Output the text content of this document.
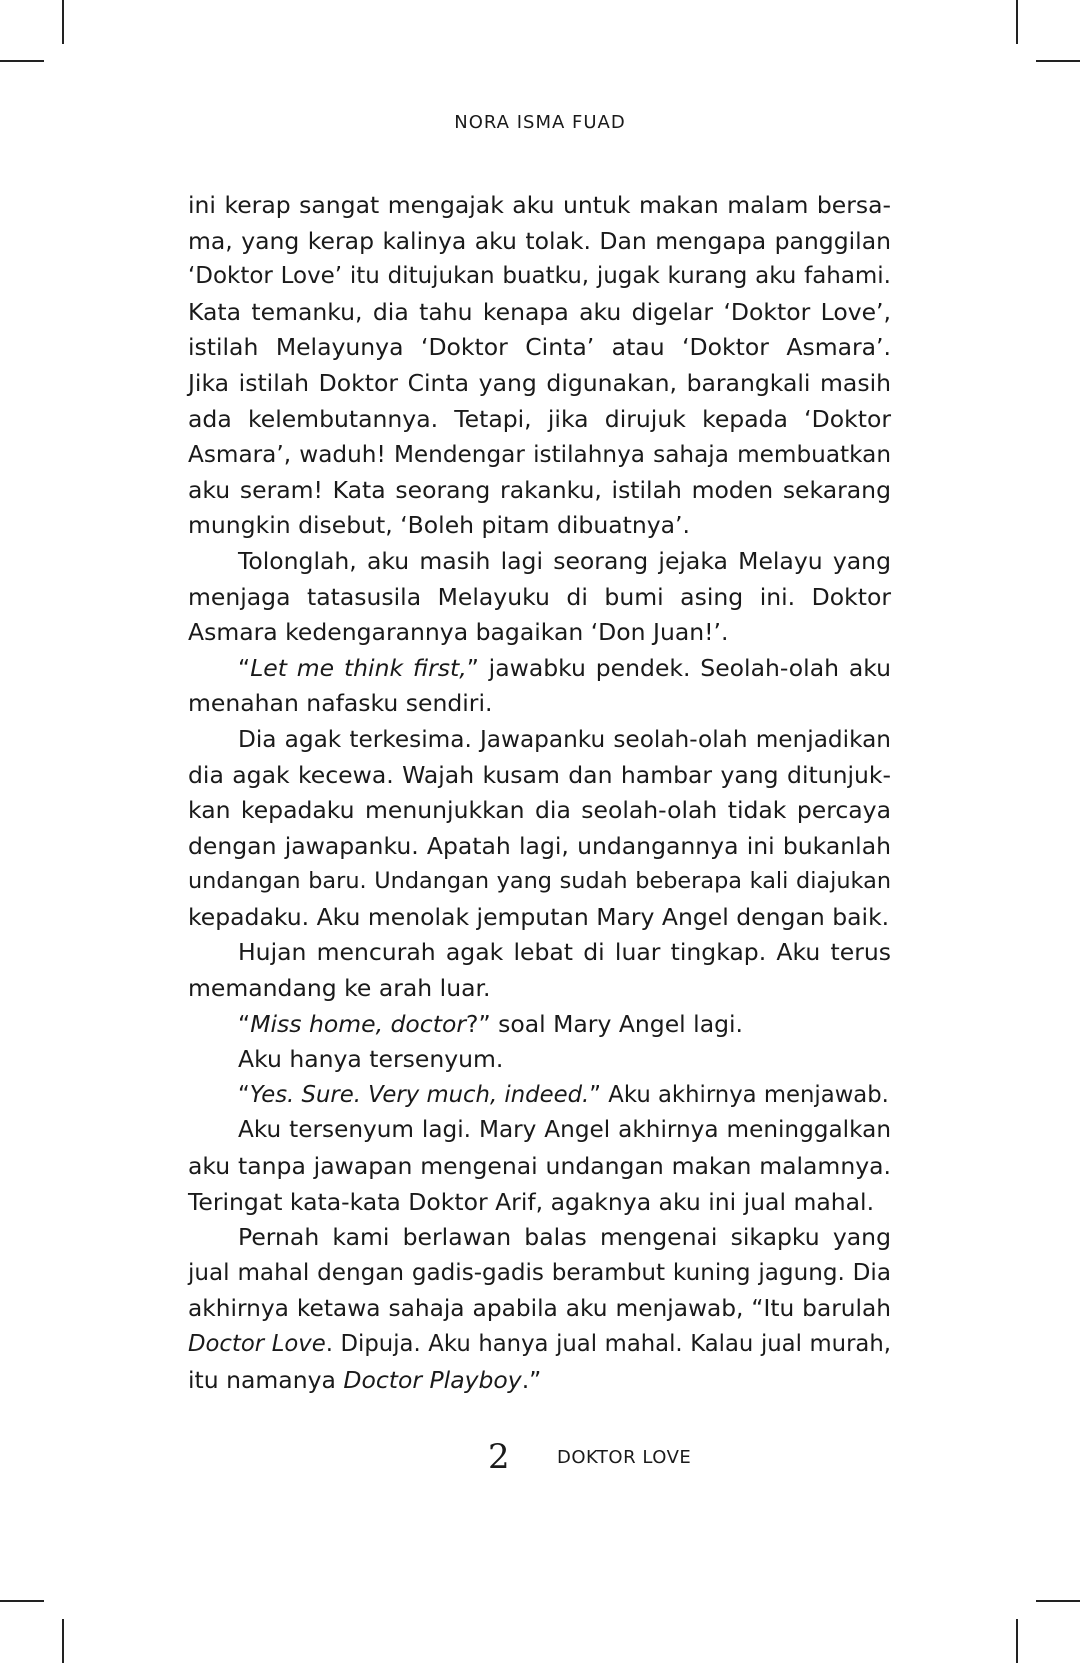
NORA ISMA FUAD
ini kerap sangat mengajak aku untuk makan malam bersa-
ma, yang kerap kalinya aku tolak. Dan mengapa panggilan
‘Doktor Love’ itu ditujukan buatku, jugak kurang aku fahami.
Kata temanku, dia tahu kenapa aku digelar ‘Doktor Love’,
istilah Melayunya ‘Doktor Cinta’ atau ‘Doktor Asmara’.
Jika istilah Doktor Cinta yang digunakan, barangkali masih
ada kelembutannya. Tetapi, jika dirujuk kepada ‘Doktor
Asmara’, waduh! Mendengar istilahnya sahaja membuatkan
aku seram! Kata seorang rakanku, istilah moden sekarang
mungkin disebut, ‘Boleh pitam dibuatnya’.
Tolonglah, aku masih lagi seorang jejaka Melayu yang
menjaga tatasusila Melayuku di bumi asing ini. Doktor
Asmara kedengarannya bagaikan ‘Don Juan!’.
“Let me think first,” jawabku pendek. Seolah-olah aku
menahan nafasku sendiri.
Dia agak terkesima. Jawapanku seolah-olah menjadikan
dia agak kecewa. Wajah kusam dan hambar yang ditunjuk-
kan kepadaku menunjukkan dia seolah-olah tidak percaya
dengan jawapanku. Apatah lagi, undangannya ini bukanlah
undangan baru. Undangan yang sudah beberapa kali diajukan
kepadaku. Aku menolak jemputan Mary Angel dengan baik.
Hujan mencurah agak lebat di luar tingkap. Aku terus
memandang ke arah luar.
“Miss home, doctor?” soal Mary Angel lagi.
Aku hanya tersenyum.
“Yes. Sure. Very much, indeed.” Aku akhirnya menjawab.
Aku tersenyum lagi. Mary Angel akhirnya meninggalkan
aku tanpa jawapan mengenai undangan makan malamnya.
Teringat kata-kata Doktor Arif, agaknya aku ini jual mahal.
Pernah kami berlawan balas mengenai sikapku yang
jual mahal dengan gadis-gadis berambut kuning jagung. Dia
akhirnya ketawa sahaja apabila aku menjawab, “Itu barulah
Doctor Love. Dipuja. Aku hanya jual mahal. Kalau jual murah,
itu namanya Doctor Playboy.”
2	DOKTOR LOVE
